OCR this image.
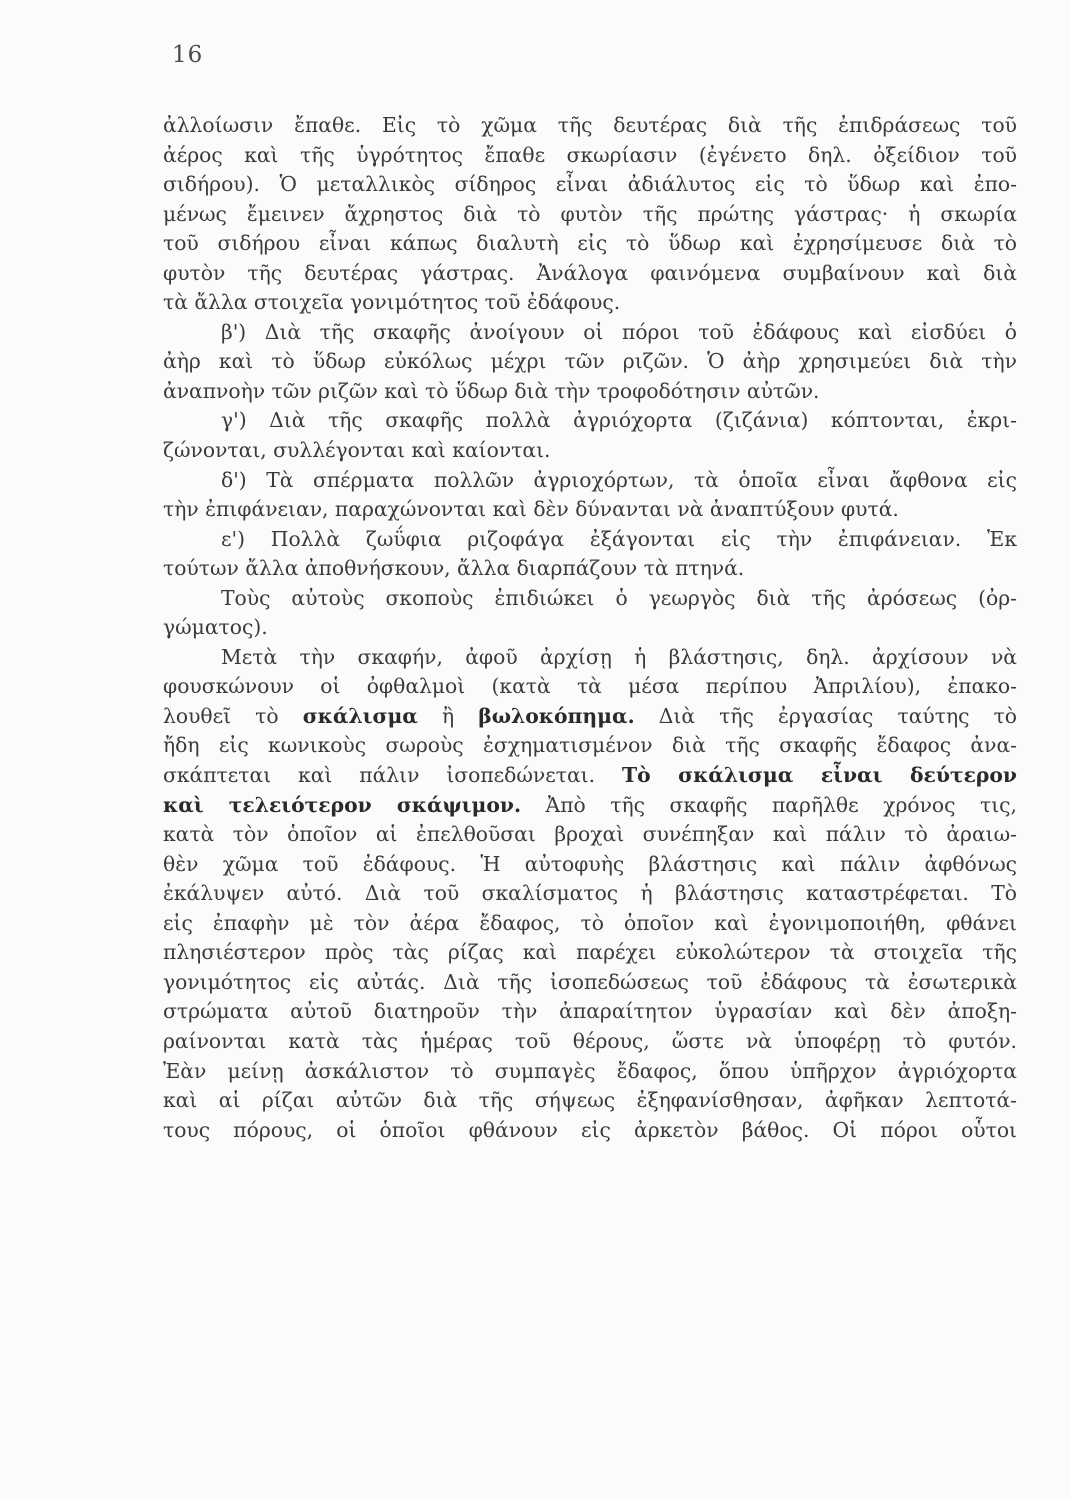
16
ἀλλοίωσιν ἔπαθε. Εἰς τὸ χῶμα τῆς δευτέρας διὰ τῆς ἐπιδράσεως τοῦ
ἀέρος καὶ τῆς ὑγρότητος ἔπαθε σκωρίασιν (ἐγένετο δηλ. ὀξείδιον τοῦ
σιδήρου). Ὁ μεταλλικὸς σίδηρος εἶναι ἀδιάλυτος εἰς τὸ ὕδωρ καὶ ἐπο-
μένως ἔμεινεν ἄχρηστος διὰ τὸ φυτὸν τῆς πρώτης γάστρας· ἡ σκωρία
τοῦ σιδήρου εἶναι κάπως διαλυτὴ εἰς τὸ ὕδωρ καὶ ἐχρησίμευσε διὰ τὸ
φυτὸν τῆς δευτέρας γάστρας. Ἀνάλογα φαινόμενα συμβαίνουν καὶ διὰ
τὰ ἄλλα στοιχεῖα γονιμότητος τοῦ ἐδάφους.
β') Διὰ τῆς σκαφῆς ἀνοίγουν οἱ πόροι τοῦ ἐδάφους καὶ εἰσδύει ὁ
ἀὴρ καὶ τὸ ὕδωρ εὐκόλως μέχρι τῶν ριζῶν. Ὁ ἀὴρ χρησιμεύει διὰ τὴν
ἀναπνοὴν τῶν ριζῶν καὶ τὸ ὕδωρ διὰ τὴν τροφοδότησιν αὐτῶν.
γ') Διὰ τῆς σκαφῆς πολλὰ ἀγριόχορτα (ζιζάνια) κόπτονται, ἐκρι-
ζώνονται, συλλέγονται καὶ καίονται.
δ') Τὰ σπέρματα πολλῶν ἀγριοχόρτων, τὰ ὁποῖα εἶναι ἄφθονα εἰς
τὴν ἐπιφάνειαν, παραχώνονται καὶ δὲν δύνανται νὰ ἀναπτύξουν φυτά.
ε') Πολλὰ ζωΰφια ριζοφάγα ἐξάγονται εἰς τὴν ἐπιφάνειαν. Ἐκ
τούτων ἄλλα ἀποθνήσκουν, ἄλλα διαρπάζουν τὰ πτηνά.
Τοὺς αὐτοὺς σκοποὺς ἐπιδιώκει ὁ γεωργὸς διὰ τῆς ἀρόσεως (ὀρ-
γώματος).
Μετὰ τὴν σκαφήν, ἀφοῦ ἀρχίσῃ ἡ βλάστησις, δηλ. ἀρχίσουν νὰ
φουσκώνουν οἱ ὀφθαλμοὶ (κατὰ τὰ μέσα περίπου Ἀπριλίου), ἐπακο-
λουθεῖ τὸ σκάλισμα ἢ βωλοκόπημα. Διὰ τῆς ἐργασίας ταύτης τὸ
ἤδη εἰς κωνικοὺς σωροὺς ἐσχηματισμένον διὰ τῆς σκαφῆς ἔδαφος ἀνα-
σκάπτεται καὶ πάλιν ἰσοπεδώνεται. Τὸ σκάλισμα εἶναι δεύτερον
καὶ τελειότερον σκάψιμον. Ἀπὸ τῆς σκαφῆς παρῆλθε χρόνος τις,
κατὰ τὸν ὁποῖον αἱ ἐπελθοῦσαι βροχαὶ συνέπηξαν καὶ πάλιν τὸ ἀραιω-
θὲν χῶμα τοῦ ἐδάφους. Ἡ αὐτοφυὴς βλάστησις καὶ πάλιν ἀφθόνως
ἐκάλυψεν αὐτό. Διὰ τοῦ σκαλίσματος ἡ βλάστησις καταστρέφεται. Τὸ
εἰς ἐπαφὴν μὲ τὸν ἀέρα ἔδαφος, τὸ ὁποῖον καὶ ἐγονιμοποιήθη, φθάνει
πλησιέστερον πρὸς τὰς ρίζας καὶ παρέχει εὐκολώτερον τὰ στοιχεῖα τῆς
γονιμότητος εἰς αὐτάς. Διὰ τῆς ἰσοπεδώσεως τοῦ ἐδάφους τὰ ἐσωτερικὰ
στρώματα αὐτοῦ διατηροῦν τὴν ἀπαραίτητον ὑγρασίαν καὶ δὲν ἀποξη-
ραίνονται κατὰ τὰς ἡμέρας τοῦ θέρους, ὥστε νὰ ὑποφέρῃ τὸ φυτόν.
Ἐὰν μείνῃ ἀσκάλιστον τὸ συμπαγὲς ἔδαφος, ὅπου ὑπῆρχον ἀγριόχορτα
καὶ αἱ ρίζαι αὐτῶν διὰ τῆς σήψεως ἐξηφανίσθησαν, ἀφῆκαν λεπτοτά-
τους πόρους, οἱ ὁποῖοι φθάνουν εἰς ἀρκετὸν βάθος. Οἱ πόροι οὗτοι
